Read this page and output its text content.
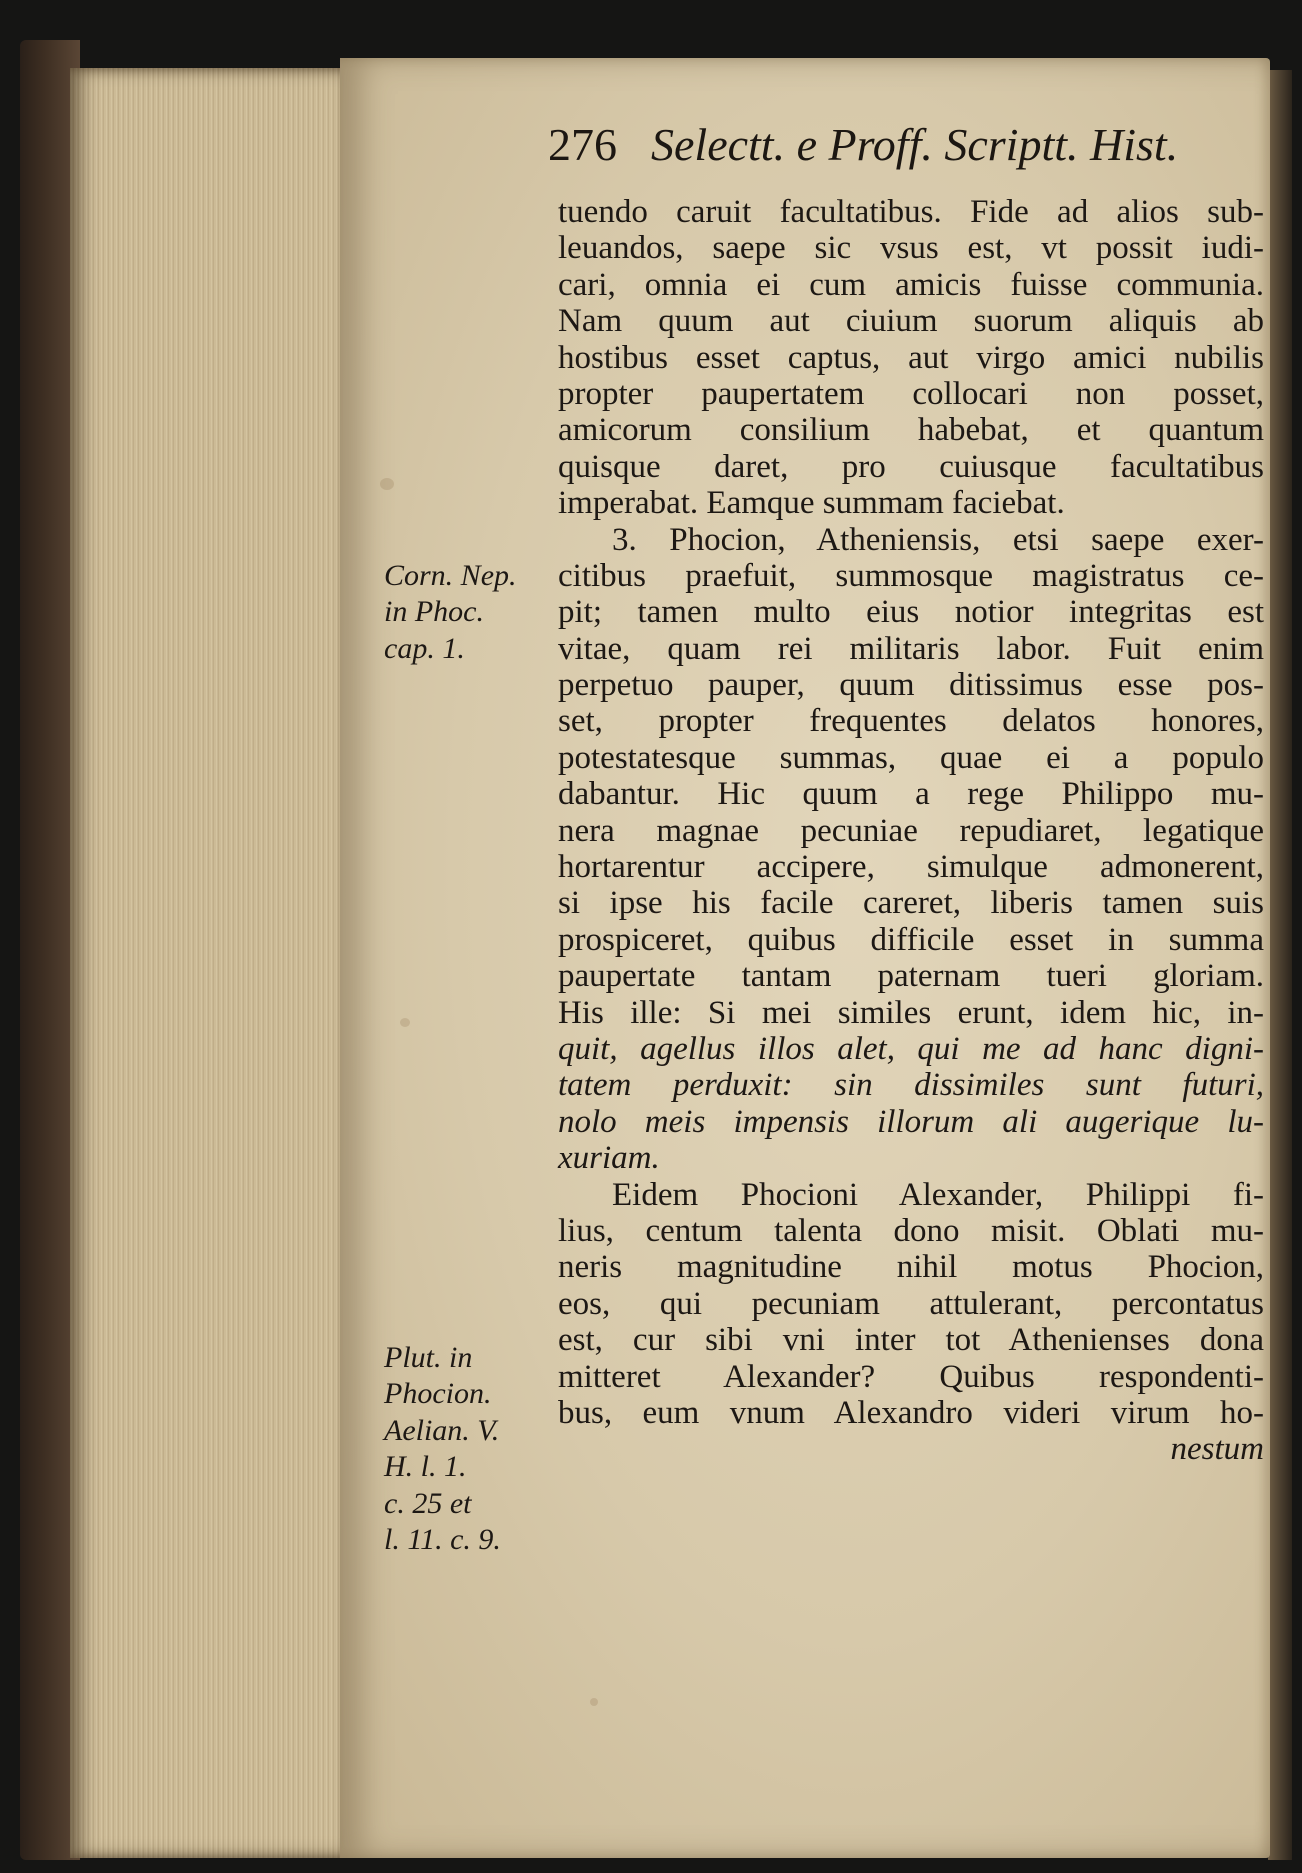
276 Selectt. e Proff. Scriptt. Hist.
Corn. Nep.
in Phoc.
cap. 1.
Plut. in
Phocion.
Aelian. V.
H. l. 1.
c. 25 et
l. 11. c. 9.
tuendo caruit facultatibus. Fide ad alios sub-
leuandos, saepe sic vsus est, vt possit iudi-
cari, omnia ei cum amicis fuisse communia.
Nam quum aut ciuium suorum aliquis ab
hostibus esset captus, aut virgo amici nubilis
propter paupertatem collocari non posset,
amicorum consilium habebat, et quantum
quisque daret, pro cuiusque facultatibus
imperabat. Eamque summam faciebat.
3. Phocion, Atheniensis, etsi saepe exer-
citibus praefuit, summosque magistratus ce-
pit; tamen multo eius notior integritas est
vitae, quam rei militaris labor. Fuit enim
perpetuo pauper, quum ditissimus esse pos-
set, propter frequentes delatos honores,
potestatesque summas, quae ei a populo
dabantur. Hic quum a rege Philippo mu-
nera magnae pecuniae repudiaret, legatique
hortarentur accipere, simulque admonerent,
si ipse his facile careret, liberis tamen suis
prospiceret, quibus difficile esset in summa
paupertate tantam paternam tueri gloriam.
His ille: Si mei similes erunt, idem hic, in-
quit, agellus illos alet, qui me ad hanc digni-
tatem perduxit: sin dissimiles sunt futuri,
nolo meis impensis illorum ali augerique lu-
xuriam.
Eidem Phocioni Alexander, Philippi fi-
lius, centum talenta dono misit. Oblati mu-
neris magnitudine nihil motus Phocion,
eos, qui pecuniam attulerant, percontatus
est, cur sibi vni inter tot Athenienses dona
mitteret Alexander? Quibus respondenti-
bus, eum vnum Alexandro videri virum ho-
nestum
